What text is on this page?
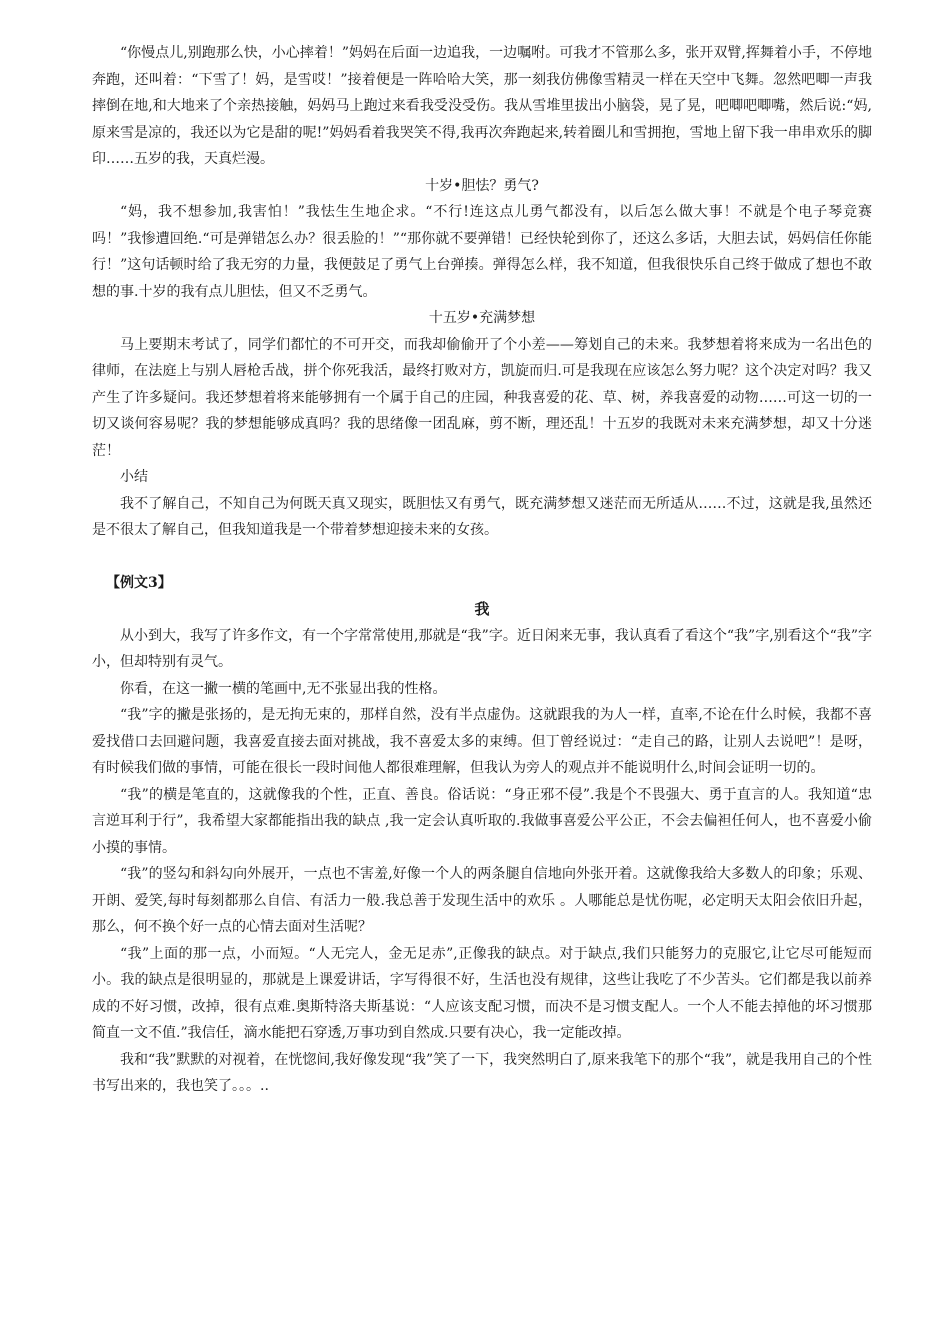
“你慢点儿,别跑那么快，小心摔着！”妈妈在后面一边追我，一边嘱咐。可我才不管那么多，张开双臂,挥舞着小手，不停地奔跑，还叫着：“下雪了！妈，是雪哎！”接着便是一阵哈哈大笑，那一刻我仿佛像雪精灵一样在天空中飞舞。忽然吧唧一声我摔倒在地,和大地来了个亲热接触，妈妈马上跑过来看我受没受伤。我从雪堆里拔出小脑袋，晃了晃，吧唧吧唧嘴，然后说:“妈,原来雪是凉的，我还以为它是甜的呢!”妈妈看着我哭笑不得,我再次奔跑起来,转着圈儿和雪拥抱，雪地上留下我一串串欢乐的脚印……五岁的我，天真烂漫。

十岁•胆怯？勇气?

“妈，我不想参加,我害怕！”我怯生生地企求。“不行!连这点儿勇气都没有，以后怎么做大事！不就是个电子琴竞赛吗！”我惨遭回绝.“可是弹错怎么办？很丢脸的！”“那你就不要弹错！已经快轮到你了，还这么多话，大胆去试，妈妈信任你能行！”这句话顿时给了我无穷的力量，我便鼓足了勇气上台弹揍。弹得怎么样，我不知道，但我很快乐自己终于做成了想也不敢想的事.十岁的我有点儿胆怯，但又不乏勇气。

十五岁•充满梦想

马上要期末考试了，同学们都忙的不可开交，而我却偷偷开了个小差——筹划自己的未来。我梦想着将来成为一名出色的律师，在法庭上与别人唇枪舌战，拼个你死我活，最终打败对方，凯旋而归.可是我现在应该怎么努力呢？这个决定对吗？我又产生了许多疑问。我还梦想着将来能够拥有一个属于自己的庄园，种我喜爱的花、草、树，养我喜爱的动物……可这一切的一切又谈何容易呢？我的梦想能够成真吗？我的思绪像一团乱麻，剪不断，理还乱！十五岁的我既对未来充满梦想，却又十分迷茫！

小结

我不了解自己，不知自己为何既天真又现实，既胆怯又有勇气，既充满梦想又迷茫而无所适从……不过，这就是我,虽然还是不很太了解自己，但我知道我是一个带着梦想迎接未来的女孩。

【例文3】

我

从小到大，我写了许多作文，有一个字常常使用,那就是“我”字。近日闲来无事，我认真看了看这个“我”字,别看这个“我”字小，但却特别有灵气。

你看，在这一撇一横的笔画中,无不张显出我的性格。

“我”字的撇是张扬的，是无拘无束的，那样自然，没有半点虚伪。这就跟我的为人一样，直率,不论在什么时候，我都不喜爱找借口去回避问题，我喜爱直接去面对挑战，我不喜爱太多的束缚。但丁曾经说过：“走自己的路，让别人去说吧”！是呀，有时候我们做的事情，可能在很长一段时间他人都很难理解，但我认为旁人的观点并不能说明什么,时间会证明一切的。

“我”的横是笔直的，这就像我的个性，正直、善良。俗话说：“身正邪不侵”.我是个不畏强大、勇于直言的人。我知道“忠言逆耳利于行”，我希望大家都能指出我的缺点 ,我一定会认真听取的.我做事喜爱公平公正，不会去偏袒任何人，也不喜爱小偷小摸的事情。

“我”的竖勾和斜勾向外展开，一点也不害羞,好像一个人的两条腿自信地向外张开着。这就像我给大多数人的印象；乐观、开朗、爱笑,每时每刻都那么自信、有活力一般.我总善于发现生活中的欢乐 。人哪能总是忧伤呢，必定明天太阳会依旧升起，那么，何不换个好一点的心情去面对生活呢？

“我”上面的那一点，小而短。“人无完人，金无足赤”,正像我的缺点。对于缺点,我们只能努力的克服它,让它尽可能短而小。我的缺点是很明显的，那就是上课爱讲话，字写得很不好，生活也没有规律，这些让我吃了不少苦头。它们都是我以前养成的不好习惯，改掉，很有点难.奥斯特洛夫斯基说：“人应该支配习惯，而决不是习惯支配人。一个人不能去掉他的坏习惯那简直一文不值.”我信任，滴水能把石穿透,万事功到自然成.只要有决心，我一定能改掉。

我和“我”默默的对视着，在恍惚间,我好像发现“我”笑了一下，我突然明白了,原来我笔下的那个“我”，就是我用自己的个性书写出来的，我也笑了。。。..
